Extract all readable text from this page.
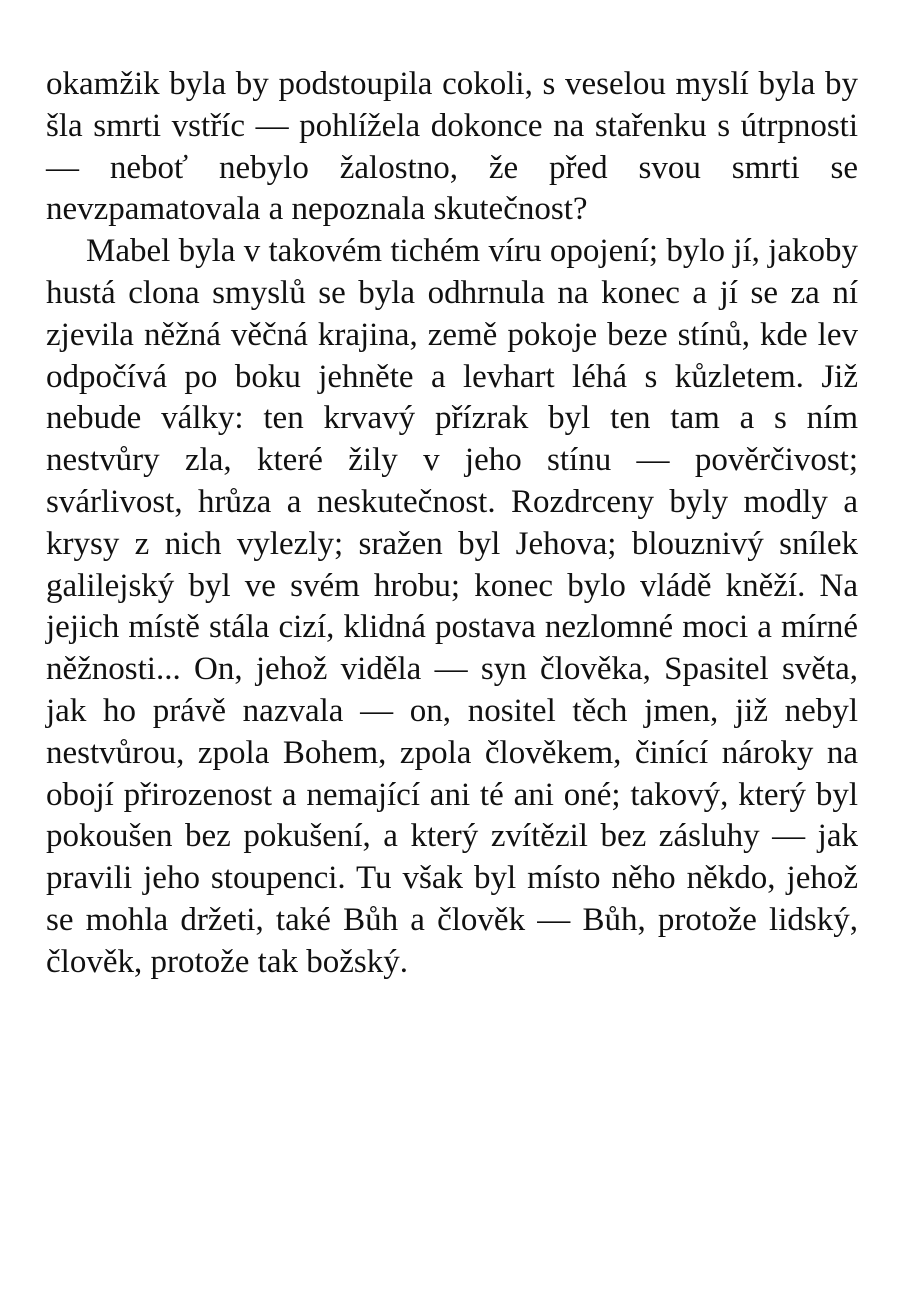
okamžik byla by podstoupila cokoli, s veselou myslí byla by šla smrti vstříc — pohlížela dokonce na stařenku s útrpnosti — neboť nebylo žalostno, že před svou smrti se nevzpamatovala a nepoznala skutečnost?

Mabel byla v takovém tichém víru opojení; bylo jí, jakoby hustá clona smyslů se byla odhrnula na konec a jí se za ní zjevila něžná věčná krajina, země pokoje beze stínů, kde lev odpočívá po boku jehněte a levhart léhá s kůzletem. Již nebude války: ten krvavý přízrak byl ten tam a s ním nestvůry zla, které žily v jeho stínu — pověrčivost; svárlivost, hrůza a neskutečnost. Rozdrceny byly modly a krysy z nich vylezly; sražen byl Jehova; blouznivý snílek galilejský byl ve svém hrobu; konec bylo vládě kněží. Na jejich místě stála cizí, klidná postava nezlomné moci a mírné něžnosti... On, jehož viděla — syn člověka, Spasitel světa, jak ho právě nazvala — on, nositel těch jmen, již nebyl nestvůrou, zpola Bohem, zpola člověkem, činící nároky na obojí přirozenost a nemající ani té ani oné; takový, který byl pokoušen bez pokušení, a který zvítězil bez zásluhy — jak pravili jeho stoupenci. Tu však byl místo něho někdo, jehož se mohla držeti, také Bůh a člověk — Bůh, protože lidský, člověk, protože tak božský.
